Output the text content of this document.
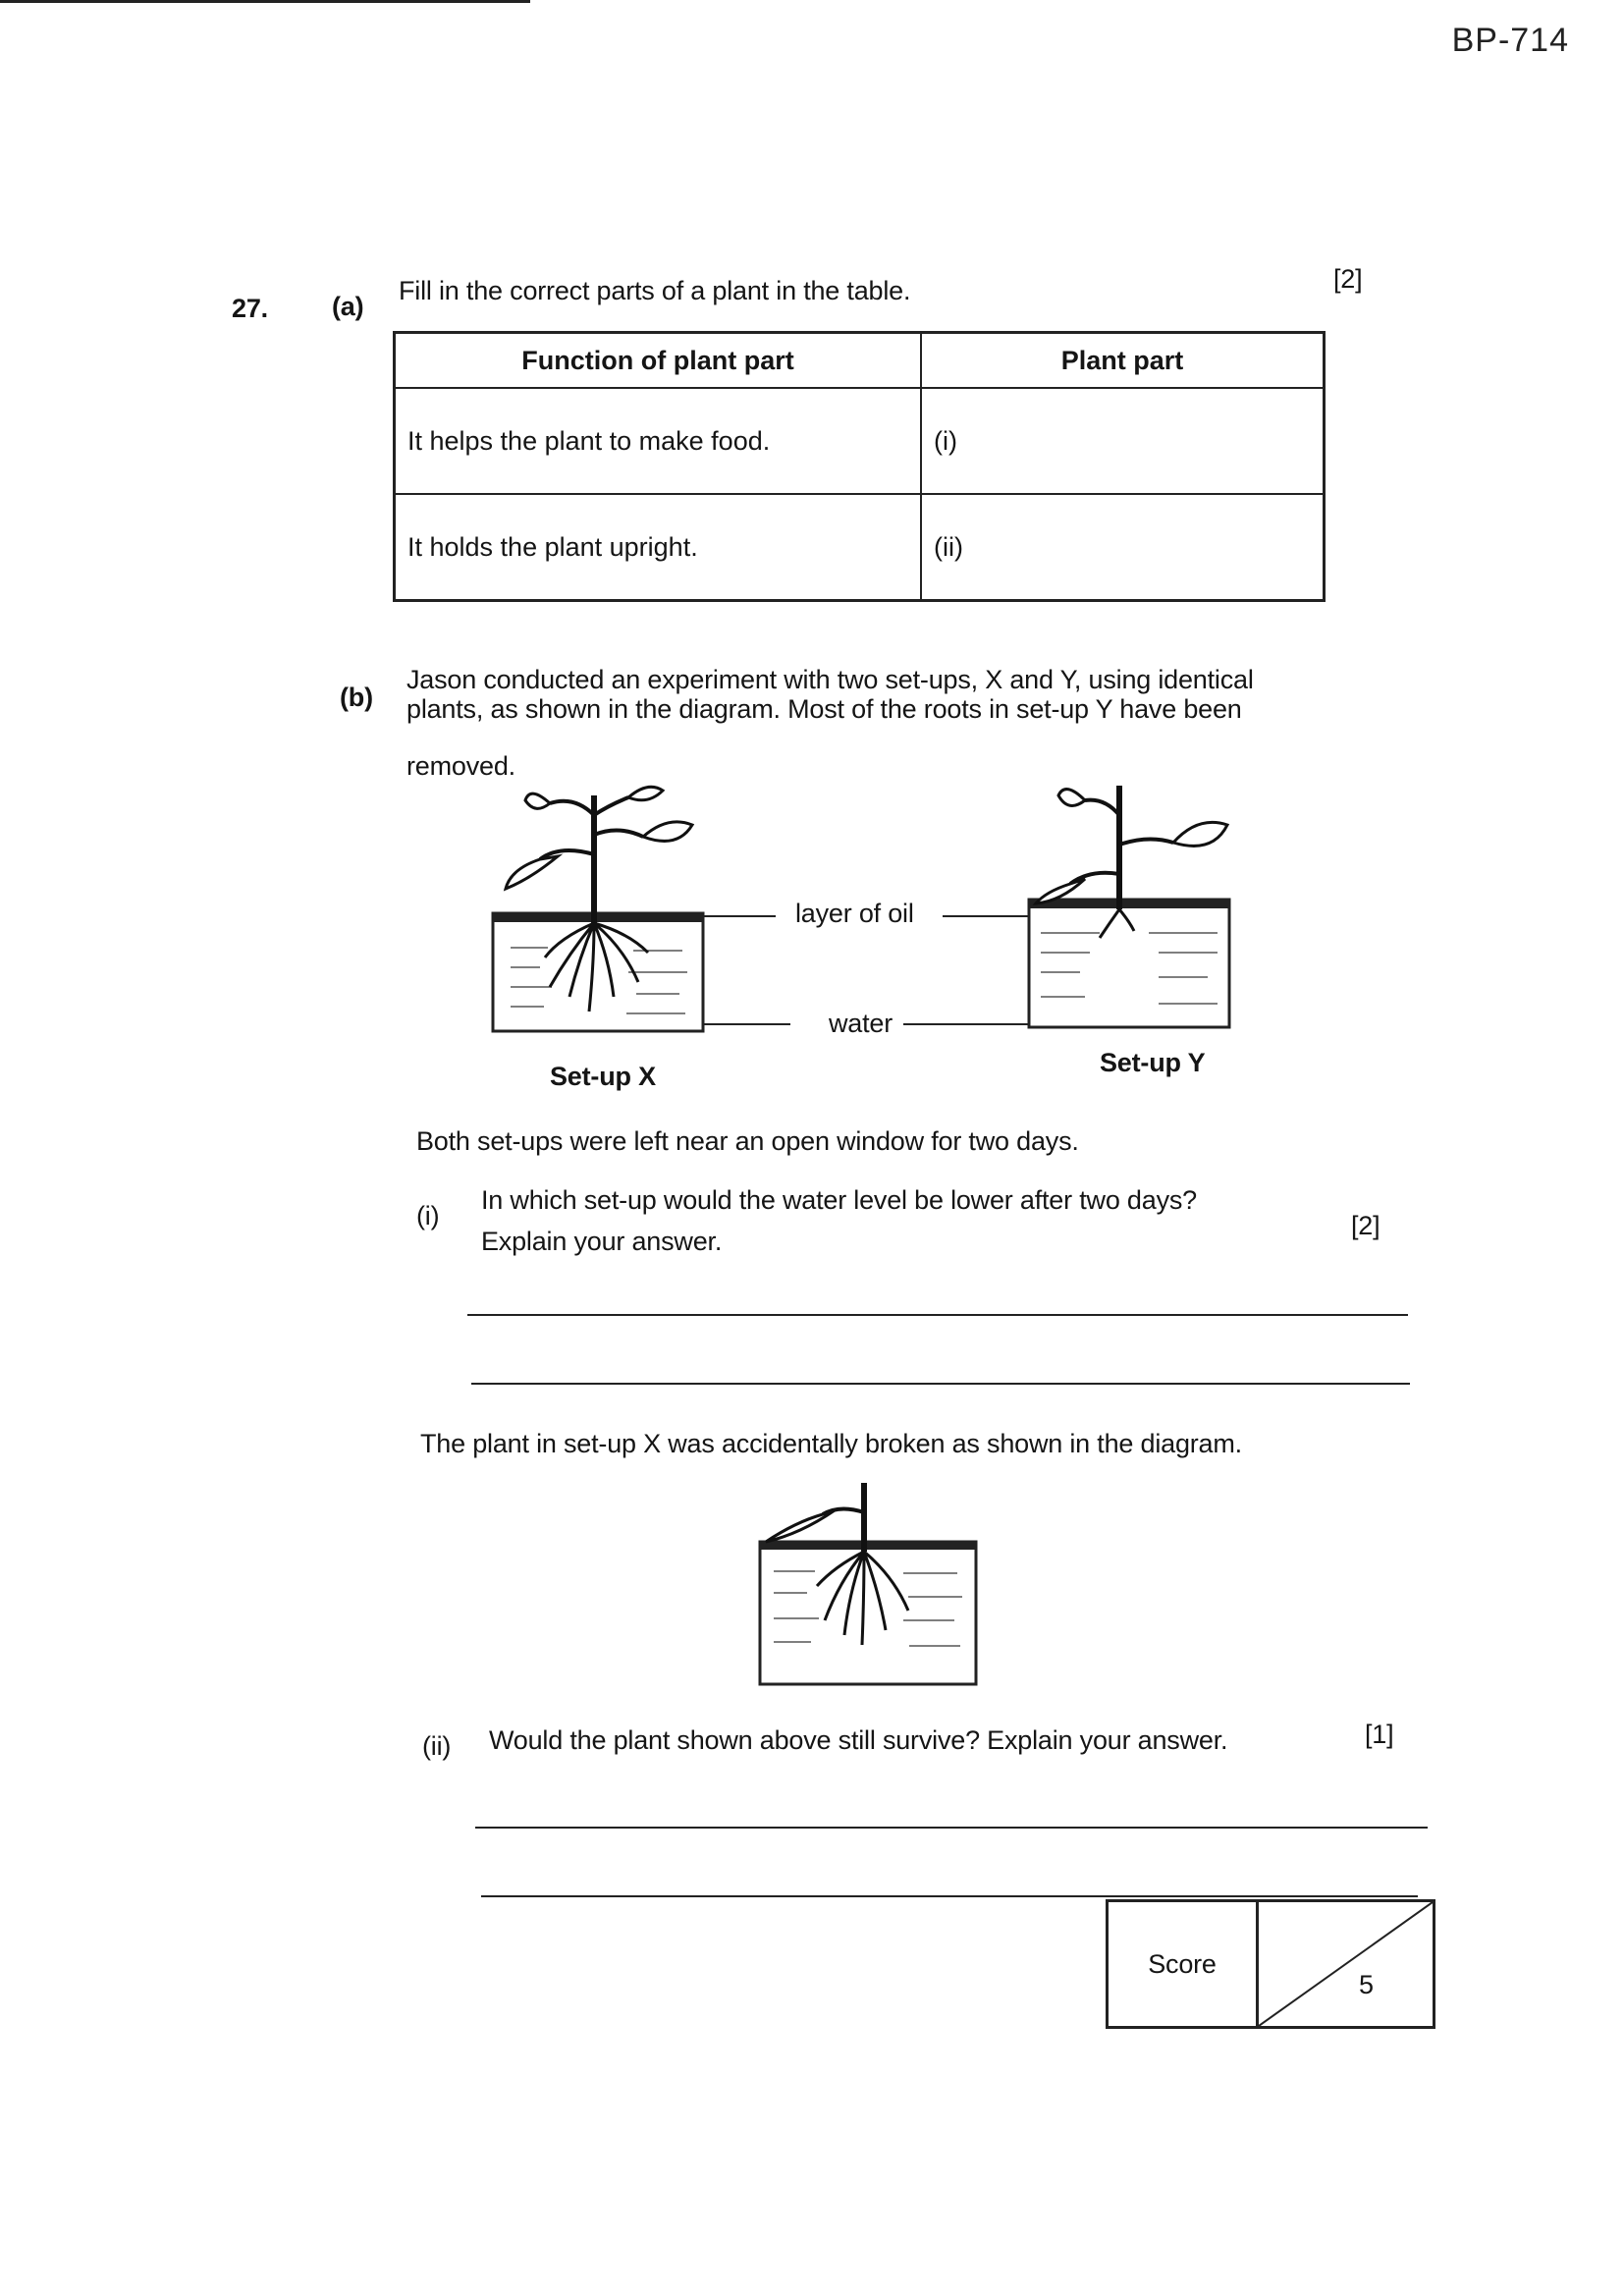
BP-714
27. (a)
Fill in the correct parts of a plant in the table.	[2]
Function of plant part	Plant part
It helps the plant to make food.	(i)
It holds the plant upright.	(ii)
(b)
Jason conducted an experiment with two set-ups, X and Y, using identical
plants, as shown in the diagram. Most of the roots in set-up Y have been
removed.
layer of oil
water
Set-up X	Set-up Y
Both set-ups were left near an open window for two days.
(i)
In which set-up would the water level be lower after two days?
Explain your answer.
[2]
The plant in set-up X was accidentally broken as shown in the diagram.
(ii) Would the plant shown above still survive? Explain your answer.	[1]
Score
5
